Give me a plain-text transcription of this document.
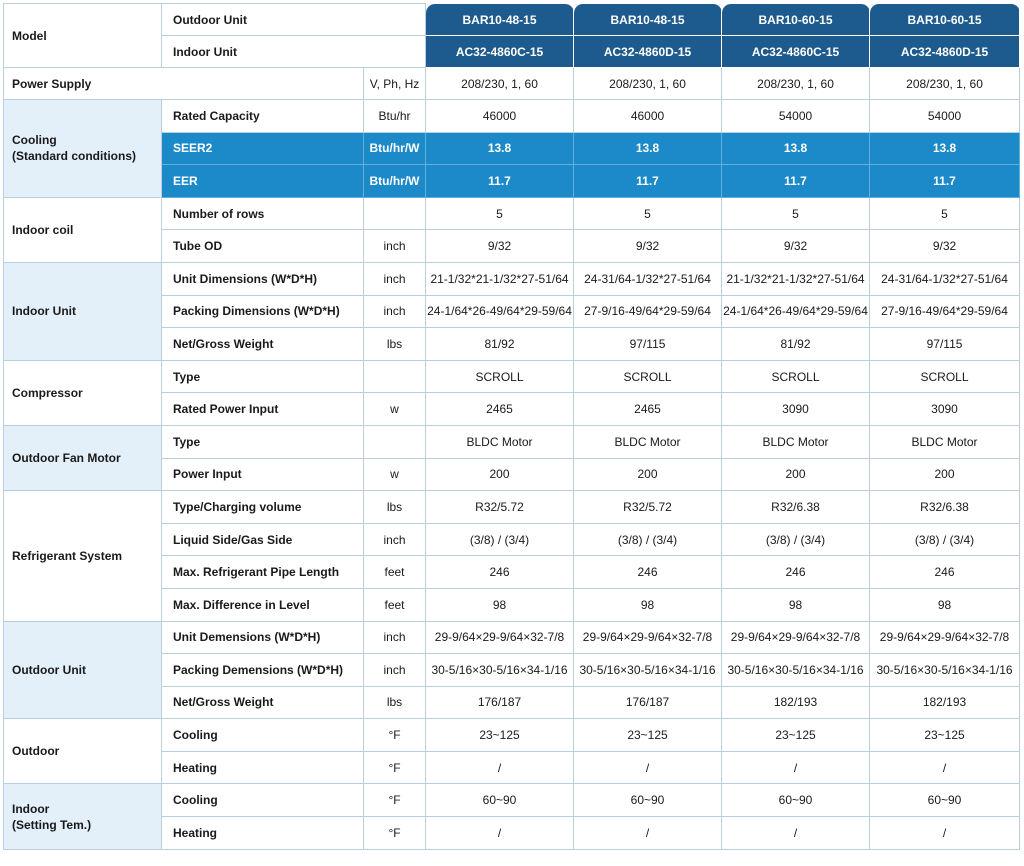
Model	Outdoor Unit		BAR10-48-15	BAR10-48-15	BAR10-60-15	BAR10-60-15
	Indoor Unit		AC32-4860C-15	AC32-4860D-15	AC32-4860C-15	AC32-4860D-15
Power Supply		V, Ph, Hz	208/230, 1, 60	208/230, 1, 60	208/230, 1, 60	208/230, 1, 60
Cooling
(Standard conditions)	Rated Capacity	Btu/hr	46000	46000	54000	54000
	SEER2	Btu/hr/W	13.8	13.8	13.8	13.8
	EER	Btu/hr/W	11.7	11.7	11.7	11.7
Indoor coil	Number of rows		5	5	5	5
	Tube OD	inch	9/32	9/32	9/32	9/32
Indoor Unit	Unit Dimensions (W*D*H)	inch	21-1/32*21-1/32*27-51/64	24-31/64-1/32*27-51/64	21-1/32*21-1/32*27-51/64	24-31/64-1/32*27-51/64
	Packing Dimensions (W*D*H)	inch	24-1/64*26-49/64*29-59/64	27-9/16-49/64*29-59/64	24-1/64*26-49/64*29-59/64	27-9/16-49/64*29-59/64
	Net/Gross Weight	lbs	81/92	97/115	81/92	97/115
Compressor	Type		SCROLL	SCROLL	SCROLL	SCROLL
	Rated Power Input	w	2465	2465	3090	3090
Outdoor Fan Motor	Type		BLDC Motor	BLDC Motor	BLDC Motor	BLDC Motor
	Power Input	w	200	200	200	200
Refrigerant System	Type/Charging volume	lbs	R32/5.72	R32/5.72	R32/6.38	R32/6.38
	Liquid Side/Gas Side	inch	(3/8) / (3/4)	(3/8) / (3/4)	(3/8) / (3/4)	(3/8) / (3/4)
	Max. Refrigerant Pipe Length	feet	246	246	246	246
	Max. Difference in Level	feet	98	98	98	98
Outdoor Unit	Unit Demensions (W*D*H)	inch	29-9/64×29-9/64×32-7/8	29-9/64×29-9/64×32-7/8	29-9/64×29-9/64×32-7/8	29-9/64×29-9/64×32-7/8
	Packing Demensions (W*D*H)	inch	30-5/16×30-5/16×34-1/16	30-5/16×30-5/16×34-1/16	30-5/16×30-5/16×34-1/16	30-5/16×30-5/16×34-1/16
	Net/Gross Weight	lbs	176/187	176/187	182/193	182/193
Outdoor	Cooling	°F	23~125	23~125	23~125	23~125
	Heating	°F	/	/	/	/
Indoor
(Setting Tem.)	Cooling	°F	60~90	60~90	60~90	60~90
	Heating	°F	/	/	/	/
